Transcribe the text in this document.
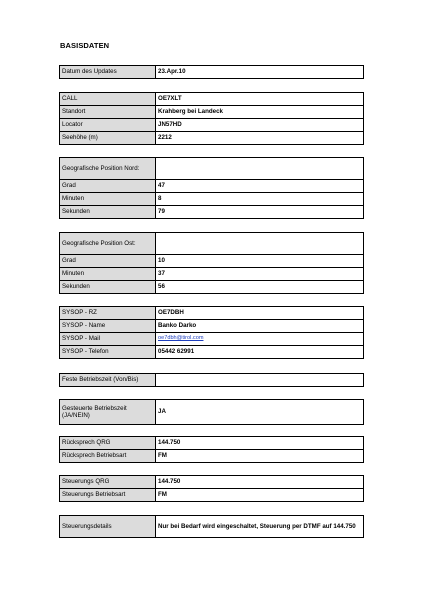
BASISDATEN
Datum des Updates	23.Apr.10
CALL	OE7XLT
Standort	Krahberg bei Landeck
Locator	JN57HD
Seehöhe (m)	2212
Geografische Position Nord:	
Grad	47
Minuten	8
Sekunden	79
Geografische Position Ost:	
Grad	10
Minuten	37
Sekunden	56
SYSOP - RZ	OE7DBH
SYSOP - Name	Banko Darko
SYSOP - Mail	oe7dbh@tirol.com
SYSOP - Telefon	05442 62991
Feste Betriebszeit (Von/Bis)	
Gesteuerte Betriebszeit (JA/NEIN)	JA
Rücksprech QRG	144.750
Rücksprech Betriebsart	FM
Steuerungs QRG	144.750
Steuerungs Betriebsart	FM
Steuerungsdetails	Nur bei Bedarf wird eingeschaltet, Steuerung per DTMF auf 144.750
